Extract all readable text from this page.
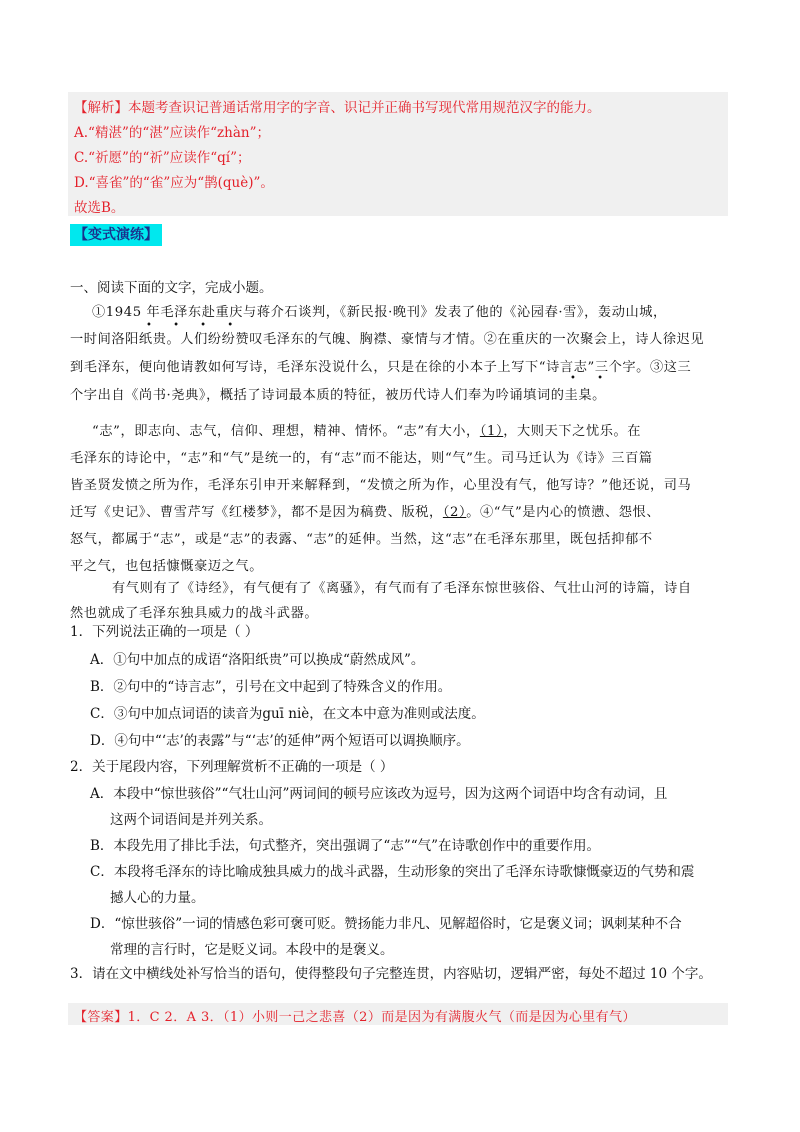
【解析】本题考查识记普通话常用字的字音、识记并正确书写现代常用规范汉字的能力。
A.“精湛”的“湛”应读作“zhàn”；
C.“祈愿”的“祈”应读作“qí”；
D.“喜雀”的“雀”应为“鹊(què)”。
故选B。
【变式演练】
一、阅读下面的文字，完成小题。
①1945 年毛泽东赴重庆与蒋介石谈判，《新民报·晚刊》发表了他的《沁园春·雪》，轰动山城，
• • • •
一时间洛阳纸贵。人们纷纷赞叹毛泽东的气魄、胸襟、豪情与才情。②在重庆的一次聚会上，诗人徐迟见
到毛泽东，便向他请教如何写诗，毛泽东没说什么，只是在徐的小本子上写下“诗言志”三个字。③这三
个字出自《尚书·尧典》，概括了诗词最本质的特征，被历代诗人们奉为吟诵填词的圭臬。
• •
“志”，即志向、志气，信仰、理想，精神、情怀。“志”有大小，（1），大则天下之忧乐。在
毛泽东的诗论中，“志”和“气”是统一的，有“志”而不能达，则“气”生。司马迁认为《诗》三百篇
皆圣贤发愤之所为作，毛泽东引申开来解释到，“发愤之所为作，心里没有气，他写诗？”他还说，司马
迁写《史记》、曹雪芹写《红楼梦》，都不是因为稿费、版税，（2）。④“气”是内心的愤懑、怨恨、
怒气，都属于“志”，或是“志”的表露、“志”的延伸。当然，这“志”在毛泽东那里，既包括抑郁不
平之气，也包括慷慨豪迈之气。
有气则有了《诗经》，有气便有了《离骚》，有气而有了毛泽东惊世骇俗、气壮山河的诗篇，诗自
然也就成了毛泽东独具威力的战斗武器。
1．下列说法正确的一项是（ ）
A．①句中加点的成语“洛阳纸贵”可以换成“蔚然成风”。
B．②句中的“诗言志”，引号在文中起到了特殊含义的作用。
C．③句中加点词语的读音为guī niè，在文本中意为准则或法度。
D．④句中“‘志’的表露”与“‘志’的延伸”两个短语可以调换顺序。
2．关于尾段内容，下列理解赏析不正确的一项是（ ）
A．本段中“惊世骇俗”“气壮山河”两词间的顿号应该改为逗号，因为这两个词语中均含有动词，且
这两个词语间是并列关系。
B．本段先用了排比手法，句式整齐，突出强调了“志”“气”在诗歌创作中的重要作用。
C．本段将毛泽东的诗比喻成独具威力的战斗武器，生动形象的突出了毛泽东诗歌慷慨豪迈的气势和震
撼人心的力量。
D．“惊世骇俗”一词的情感色彩可褒可贬。赞扬能力非凡、见解超俗时，它是褒义词；讽刺某种不合
常理的言行时，它是贬义词。本段中的是褒义。
3．请在文中横线处补写恰当的语句，使得整段句子完整连贯，内容贴切，逻辑严密，每处不超过 10 个字。
【答案】1．C 2．A 3．（1）小则一己之悲喜（2）而是因为有满腹火气（而是因为心里有气）
